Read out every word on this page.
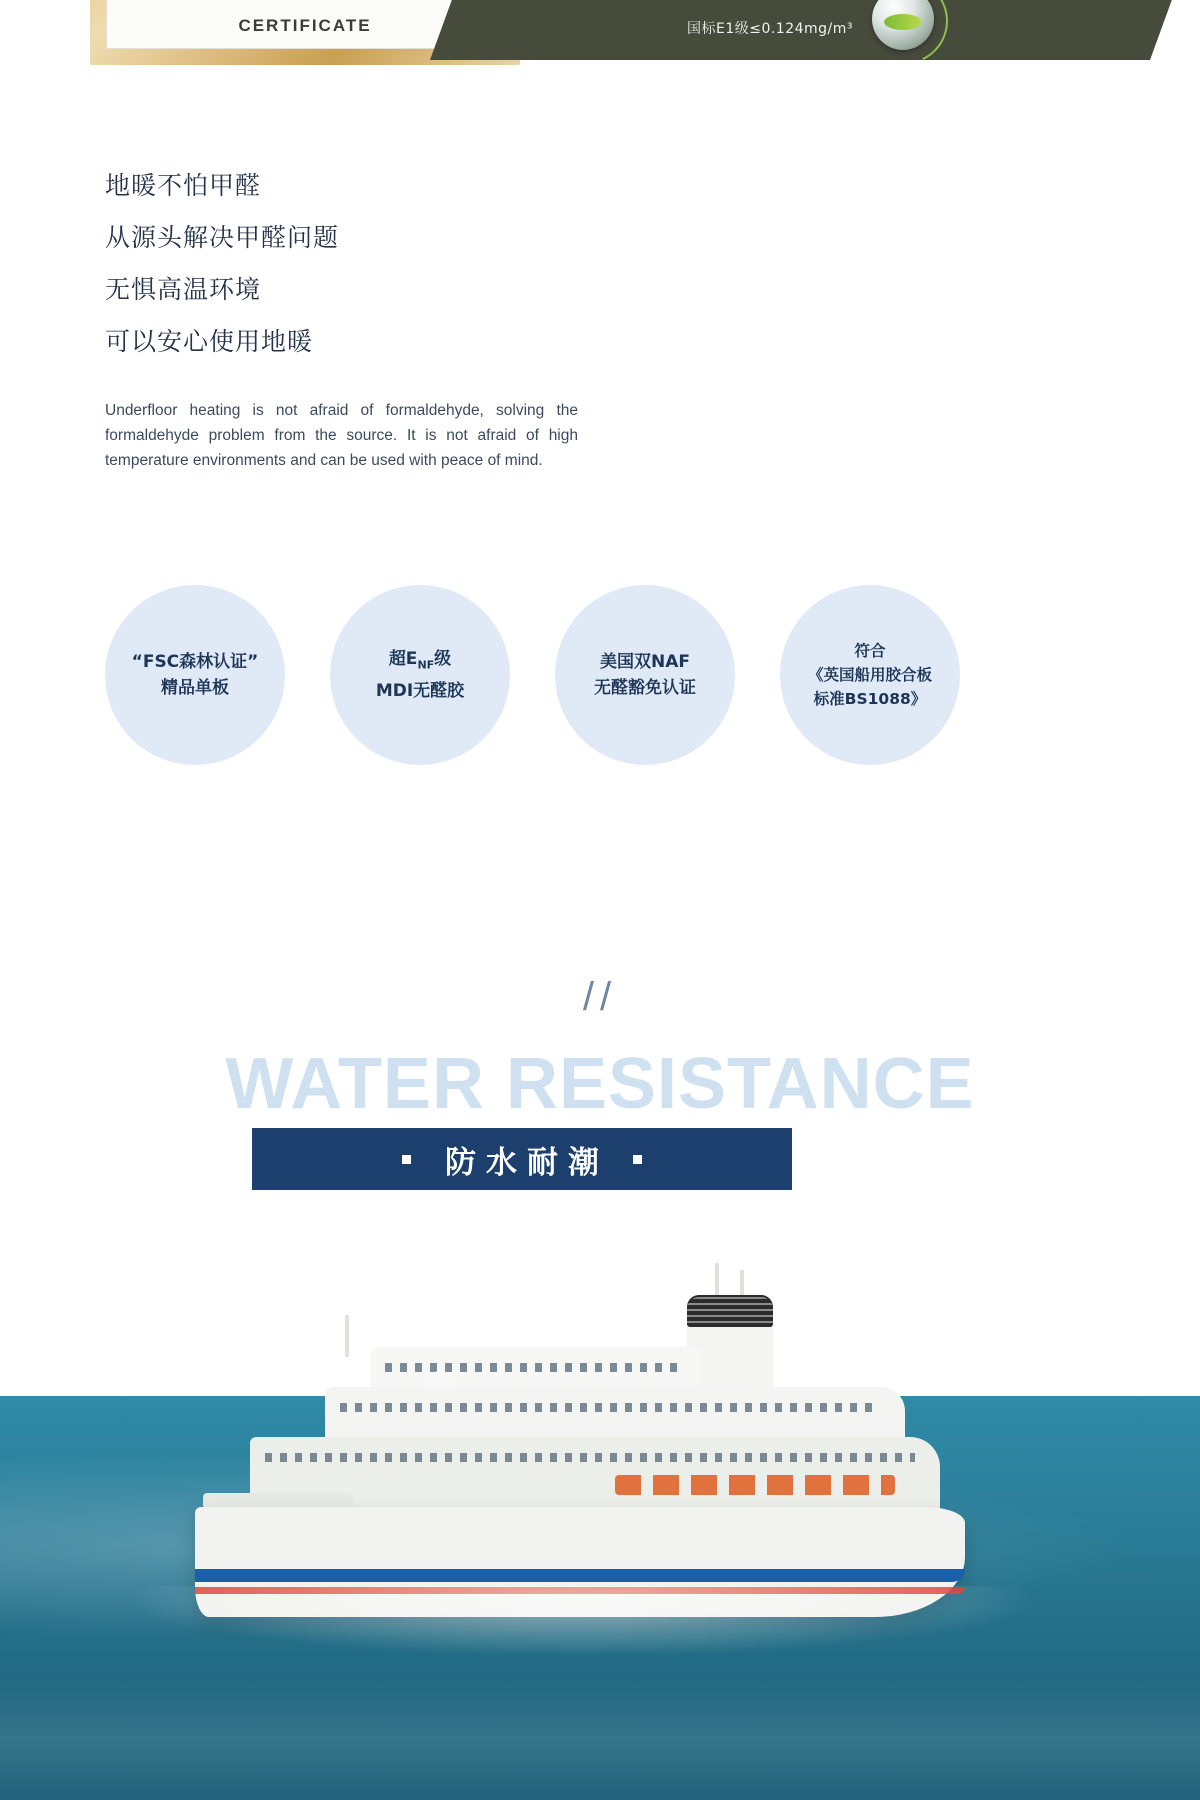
CERTIFICATE	国标E1级≤0.124mg/m³
地暖不怕甲醛
从源头解决甲醛问题
无惧高温环境
可以安心使用地暖
Underfloor heating is not afraid of formaldehyde, solving the formaldehyde problem from the source. It is not afraid of high temperature environments and can be used with peace of mind.
“FSC森林认证”
精品单板
超$E_{NF}$级
MDI无醛胶
美国双NAF
无醛豁免认证
符合
《英国船用胶合板
标准BS1088》
//
WATER RESISTANCE
防水耐潮
